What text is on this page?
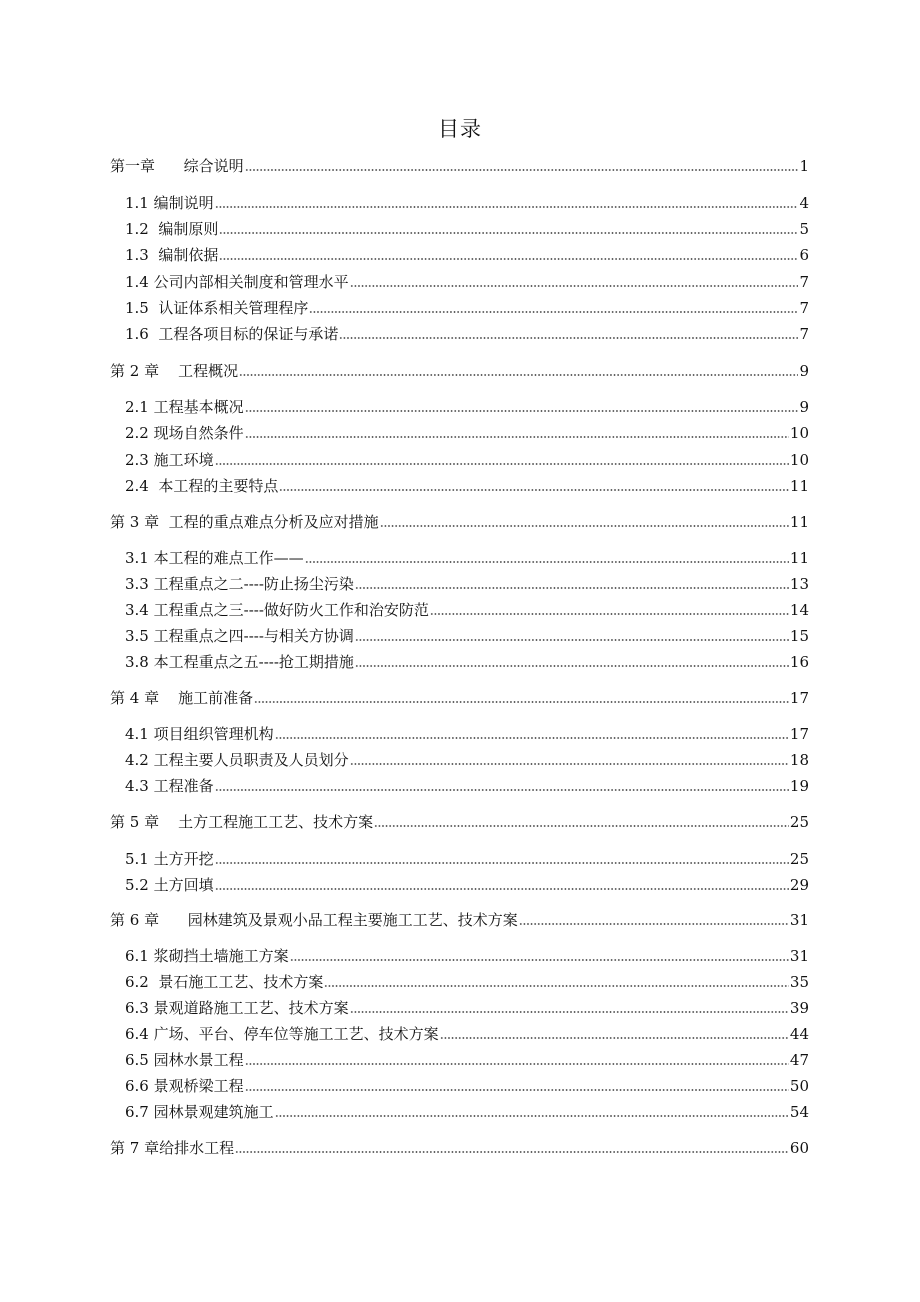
目录
第一章      综合说明	1
1.1 编制说明	4
1.2  编制原则	5
1.3  编制依据	6
1.4 公司内部相关制度和管理水平	7
1.5  认证体系相关管理程序	7
1.6  工程各项目标的保证与承诺	7
第 2 章    工程概况	9
2.1 工程基本概况	9
2.2 现场自然条件	10
2.3 施工环境	10
2.4  本工程的主要特点	11
第 3 章  工程的重点难点分析及应对措施	11
3.1 本工程的难点工作——	11
3.3 工程重点之二----防止扬尘污染	13
3.4 工程重点之三----做好防火工作和治安防范	14
3.5 工程重点之四----与相关方协调	15
3.8 本工程重点之五----抢工期措施	16
第 4 章    施工前准备	17
4.1 项目组织管理机构	17
4.2 工程主要人员职责及人员划分	18
4.3 工程准备	19
第 5 章    土方工程施工工艺、技术方案	25
5.1 土方开挖	25
5.2 土方回填	29
第 6 章      园林建筑及景观小品工程主要施工工艺、技术方案	31
6.1 浆砌挡土墙施工方案	31
6.2  景石施工工艺、技术方案	35
6.3 景观道路施工工艺、技术方案	39
6.4 广场、平台、停车位等施工工艺、技术方案	44
6.5 园林水景工程	47
6.6 景观桥梁工程	50
6.7 园林景观建筑施工	54
第 7 章给排水工程	60
